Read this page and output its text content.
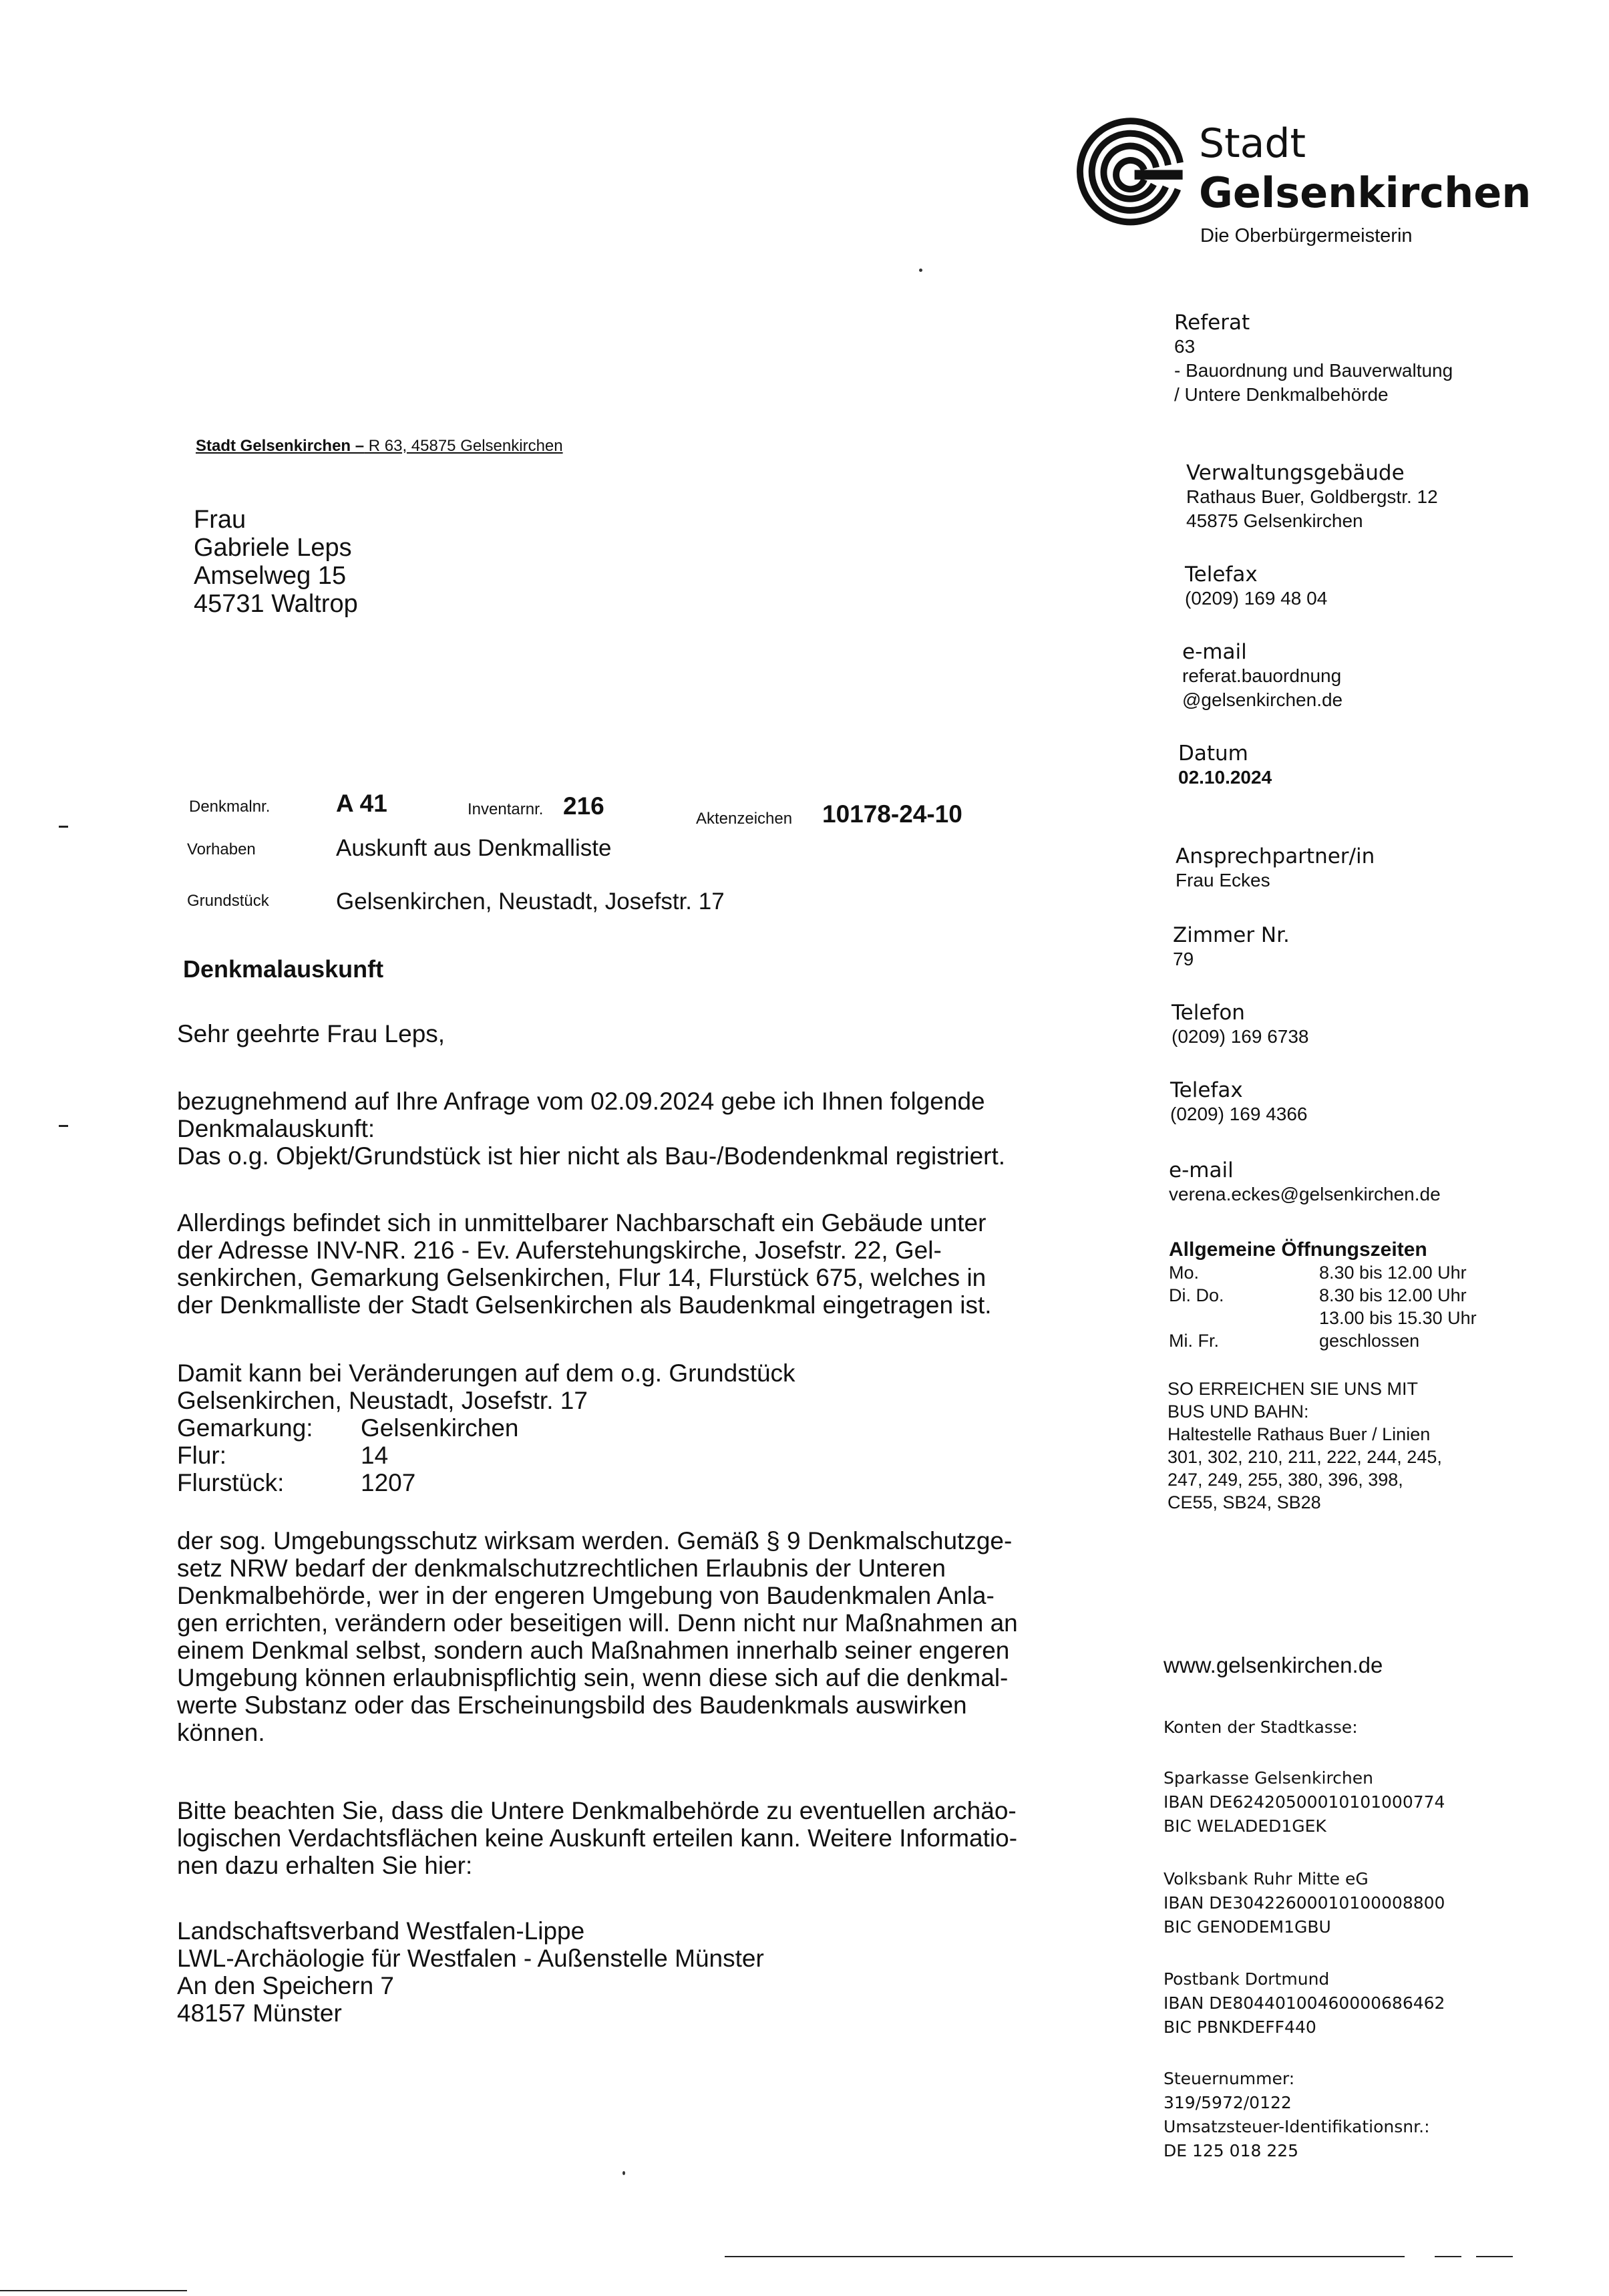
Stadt
Gelsenkirchen
Die Oberbürgermeisterin
Stadt Gelsenkirchen – R 63, 45875 Gelsenkirchen
Frau
Gabriele Leps
Amselweg 15
45731 Waltrop
Denkmalnr.	A 41	Inventarnr. 216	Aktenzeichen 10178-24-10
Vorhaben	Auskunft aus Denkmalliste
Grundstück	Gelsenkirchen, Neustadt, Josefstr. 17
Denkmalauskunft
Sehr geehrte Frau Leps,

bezugnehmend auf Ihre Anfrage vom 02.09.2024 gebe ich Ihnen folgende

Denkmalauskunft:

Das o.g. Objekt/Grundstück ist hier nicht als Bau-/Bodendenkmal registriert.

Allerdings befindet sich in unmittelbarer Nachbarschaft ein Gebäude unter

der Adresse INV-NR. 216 - Ev. Auferstehungskirche, Josefstr. 22, Gel-

senkirchen, Gemarkung Gelsenkirchen, Flur 14, Flurstück 675, welches in

der Denkmalliste der Stadt Gelsenkirchen als Baudenkmal eingetragen ist.

Damit kann bei Veränderungen auf dem o.g. Grundstück

Gelsenkirchen, Neustadt, Josefstr. 17

Gemarkung:	Gelsenkirchen
Flur:	14
Flurstück:	1207

der sog. Umgebungsschutz wirksam werden. Gemäß § 9 Denkmalschutzge-

setz NRW bedarf der denkmalschutzrechtlichen Erlaubnis der Unteren

Denkmalbehörde, wer in der engeren Umgebung von Baudenkmalen Anla-

gen errichten, verändern oder beseitigen will. Denn nicht nur Maßnahmen an

einem Denkmal selbst, sondern auch Maßnahmen innerhalb seiner engeren

Umgebung können erlaubnispflichtig sein, wenn diese sich auf die denkmal-

werte Substanz oder das Erscheinungsbild des Baudenkmals auswirken

können.

Bitte beachten Sie, dass die Untere Denkmalbehörde zu eventuellen archäo-

logischen Verdachtsflächen keine Auskunft erteilen kann. Weitere Informatio-

nen dazu erhalten Sie hier:

Landschaftsverband Westfalen-Lippe

LWL-Archäologie für Westfalen - Außenstelle Münster

An den Speichern 7

48157 Münster

Referat
63
- Bauordnung und Bauverwaltung
/ Untere Denkmalbehörde
Verwaltungsgebäude
Rathaus Buer, Goldbergstr. 12
45875 Gelsenkirchen
Telefax
(0209) 169 48 04
e-mail
referat.bauordnung
@gelsenkirchen.de
Datum
02.10.2024
Ansprechpartner/in
Frau Eckes
Zimmer Nr.
79
Telefon
(0209) 169 6738
Telefax
(0209) 169 4366
e-mail
verena.eckes@gelsenkirchen.de
Allgemeine Öffnungszeiten
Mo.	8.30 bis 12.00 Uhr
Di. Do.	8.30 bis 12.00 Uhr
	13.00 bis 15.30 Uhr
Mi. Fr.	geschlossen
SO ERREICHEN SIE UNS MIT
BUS UND BAHN:
Haltestelle Rathaus Buer / Linien
301, 302, 210, 211, 222, 244, 245,
247, 249, 255, 380, 396, 398,
CE55, SB24, SB28
www.gelsenkirchen.de
Konten der Stadtkasse:
Sparkasse Gelsenkirchen
IBAN DE62420500010101000774
BIC WELADED1GEK
Volksbank Ruhr Mitte eG
IBAN DE30422600010100008800
BIC GENODEM1GBU
Postbank Dortmund
IBAN DE80440100460000686462
BIC PBNKDEFF440
Steuernummer:
319/5972/0122
Umsatzsteuer-Identifikationsnr.:
DE 125 018 225
